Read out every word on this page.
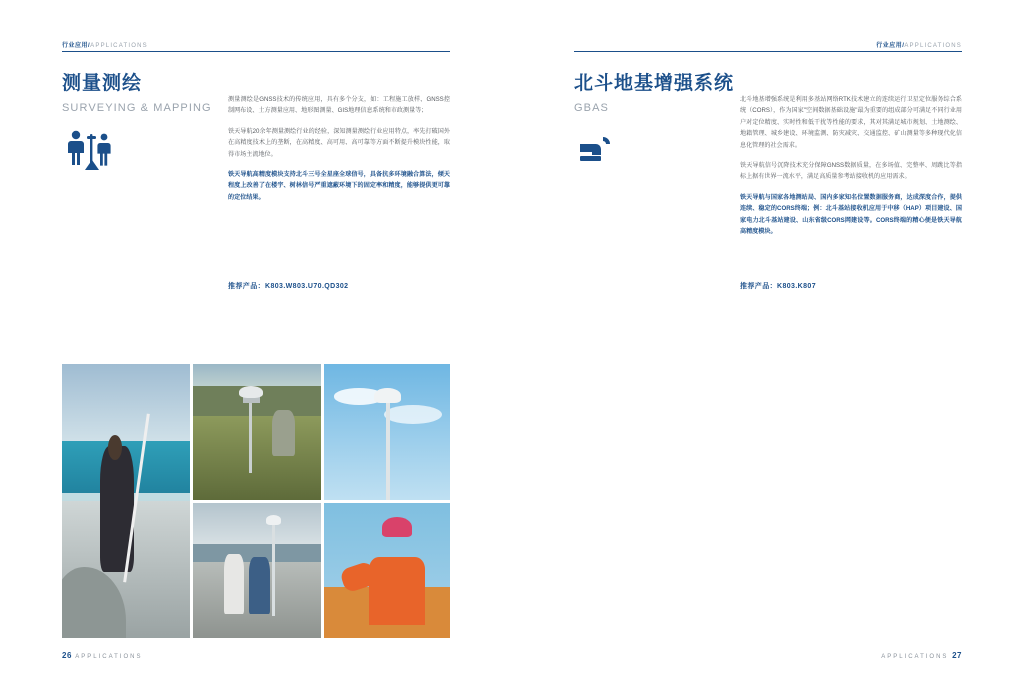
行业应用/APPLICATIONS
测量测绘
SURVEYING & MAPPING

测量测绘是GNSS技术的传统应用，具有多个分支，如：工程施工放样、GNSS控制网布设、土方测量应用、地形图测量、GIS地理信息系统和市政测量等；

铁天导航20余年测量测绘行业的经验，深知测量测绘行业应用特点，率先打破国外在高精度技术上的垄断，在高精度、高可用、高可靠等方面不断提升模块性能，取得市场主流地位。

铁天导航高精度模块支持北斗三号全星座全球信号，具备抗多环境融合算法，倾天程度上改善了在楼宇、树林信号严重遮蔽环境下的固定率和精度，能够提供更可靠的定位结果。

推荐产品：K803.W803.U70.QD302
26 APPLICATIONS
行业应用/APPLICATIONS
北斗地基增强系统
GBAS

北斗地基增强系统是利用多基站网络RTK技术建立的连续运行卫星定位服务综合系统（CORS），作为国家"空间数据基础设施"最为重要的组成部分可满足不同行业用户对定位精度、实时性和低干扰等性能的要求，其对其满足城市规划、土地测绘、地籍管理、城乡建设、环境监测、防灾减灾、交通监控、矿山测量等多种现代化信息化管理的社会需求。

铁天导航信号沉降技术充分保障GNSS数据质量，在多场值、完整率、周跳比等指标上据有世界一流水平，满足高质量参考站接收机的应用需求。

铁天导航与国家各地测站局、国内多家知名位置数据服务商，达成深度合作，提供连续、稳定的CORS终端；例：北斗基站接收机应用于中移（HAP）项目建设、国家电力北斗基站建设、山东省级CORS网建设等。CORS终端的精心便是铁天导航高精度模块。

推荐产品：K803.K807
APPLICATIONS 27
